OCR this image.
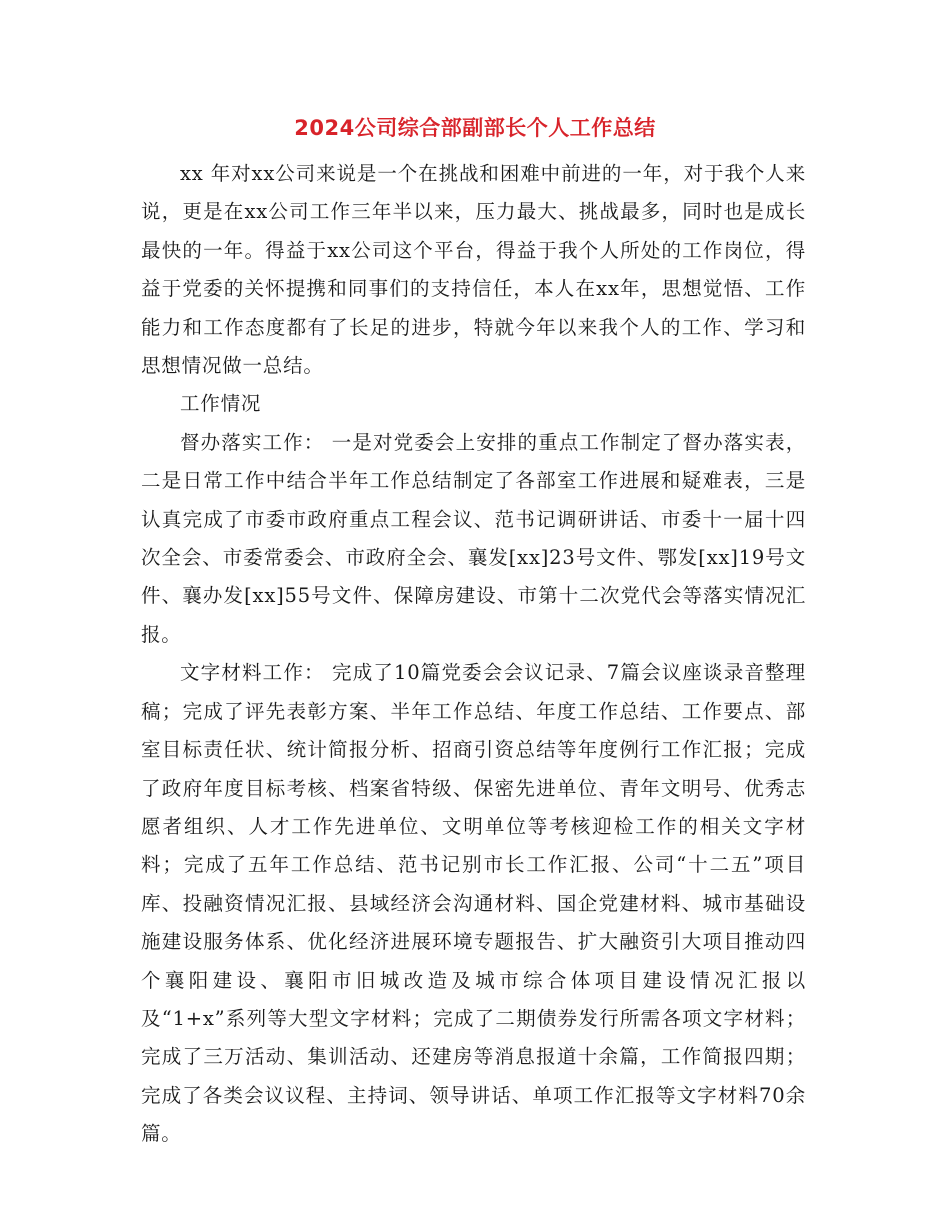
2024公司综合部副部长个人工作总结

xx 年对xx公司来说是一个在挑战和困难中前进的一年，对于我个人来说，更是在xx公司工作三年半以来，压力最大、挑战最多，同时也是成长最快的一年。得益于xx公司这个平台，得益于我个人所处的工作岗位，得益于党委的关怀提携和同事们的支持信任，本人在xx年，思想觉悟、工作能力和工作态度都有了长足的进步，特就今年以来我个人的工作、学习和思想情况做一总结。

工作情况

督办落实工作： 一是对党委会上安排的重点工作制定了督办落实表，二是日常工作中结合半年工作总结制定了各部室工作进展和疑难表，三是认真完成了市委市政府重点工程会议、范书记调研讲话、市委十一届十四次全会、市委常委会、市政府全会、襄发[xx]23号文件、鄂发[xx]19号文件、襄办发[xx]55号文件、保障房建设、市第十二次党代会等落实情况汇报。

文字材料工作： 完成了10篇党委会会议记录、7篇会议座谈录音整理稿；完成了评先表彰方案、半年工作总结、年度工作总结、工作要点、部室目标责任状、统计简报分析、招商引资总结等年度例行工作汇报；完成了政府年度目标考核、档案省特级、保密先进单位、青年文明号、优秀志愿者组织、人才工作先进单位、文明单位等考核迎检工作的相关文字材料；完成了五年工作总结、范书记别市长工作汇报、公司“十二五”项目库、投融资情况汇报、县域经济会沟通材料、国企党建材料、城市基础设施建设服务体系、优化经济进展环境专题报告、扩大融资引大项目推动四个襄阳建设、襄阳市旧城改造及城市综合体项目建设情况汇报以及“1+x”系列等大型文字材料；完成了二期债券发行所需各项文字材料；完成了三万活动、集训活动、还建房等消息报道十余篇，工作简报四期；完成了各类会议议程、主持词、领导讲话、单项工作汇报等文字材料70余篇。
